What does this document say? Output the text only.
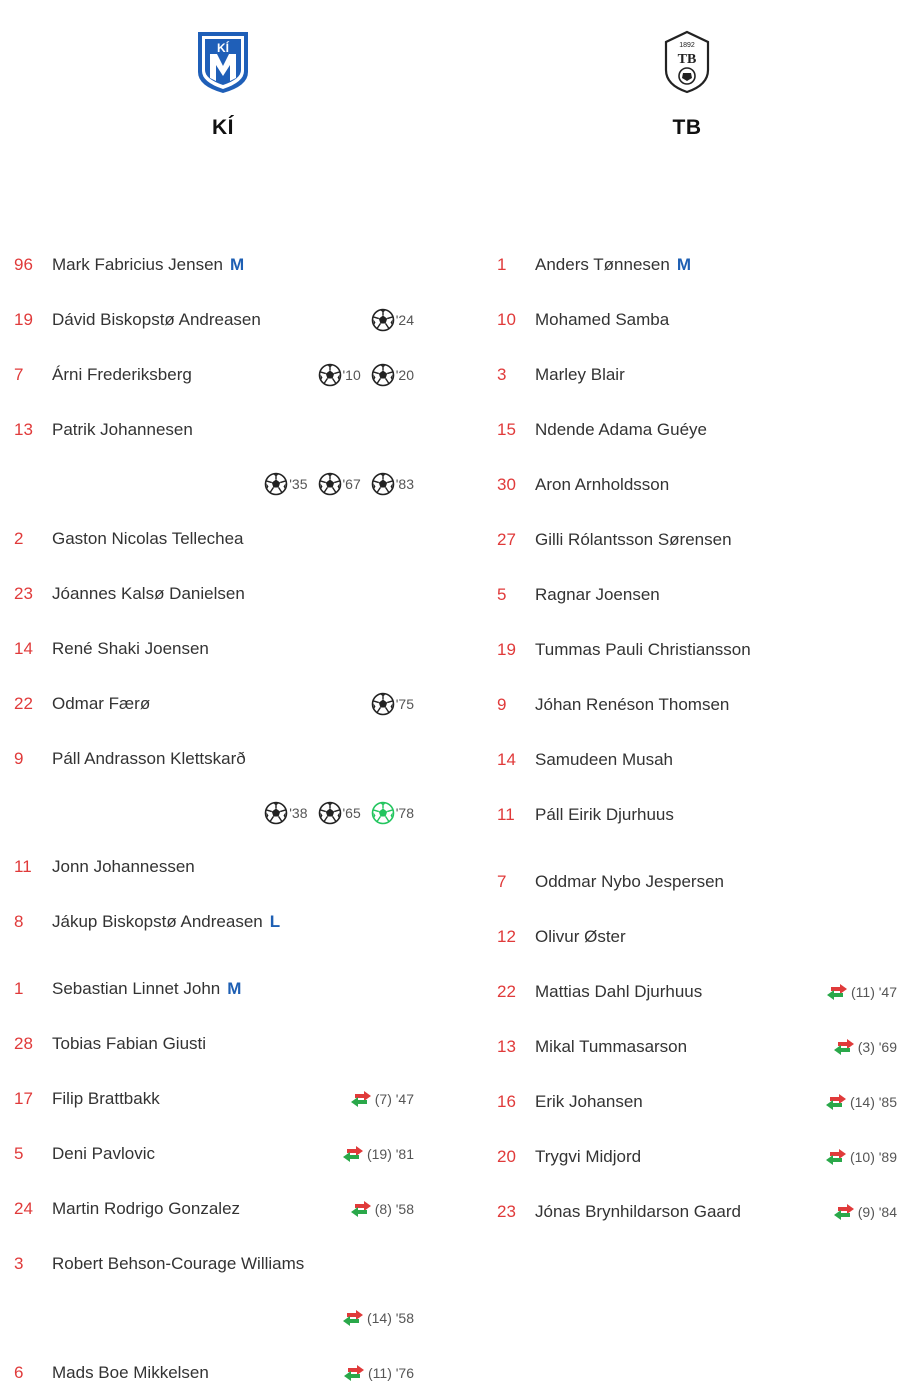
KÍ
KÍ
1892
TB
TB
96	Mark Fabricius Jensen M
19	Dávid Biskopstø Andreasen	'24
7	Árni Frederiksberg	'10	'20
13	Patrik Johannesen
'35	'67	'83
2	Gaston Nicolas Tellechea
23	Jóannes Kalsø Danielsen
14	René Shaki Joensen
22	Odmar Færø	'75
9	Páll Andrasson Klettskarð
'38	'65	'78
11	Jonn Johannessen
8	Jákup Biskopstø Andreasen L
1	Sebastian Linnet John M
28	Tobias Fabian Giusti
17	Filip Brattbakk	(7) '47
5	Deni Pavlovic	(19) '81
24	Martin Rodrigo Gonzalez	(8) '58
3	Robert Behson-Courage Williams
(14) '58
6	Mads Boe Mikkelsen	(11) '76
1	Anders Tønnesen M
10	Mohamed Samba
3	Marley Blair
15	Ndende Adama Guéye
30	Aron Arnholdsson
27	Gilli Rólantsson Sørensen
5	Ragnar Joensen
19	Tummas Pauli Christiansson
9	Jóhan Renéson Thomsen
14	Samudeen Musah
11	Páll Eirik Djurhuus
7	Oddmar Nybo Jespersen
12	Olivur Øster
22	Mattias Dahl Djurhuus	(11) '47
13	Mikal Tummasarson	(3) '69
16	Erik Johansen	(14) '85
20	Trygvi Midjord	(10) '89
23	Jónas Brynhildarson Gaard	(9) '84
